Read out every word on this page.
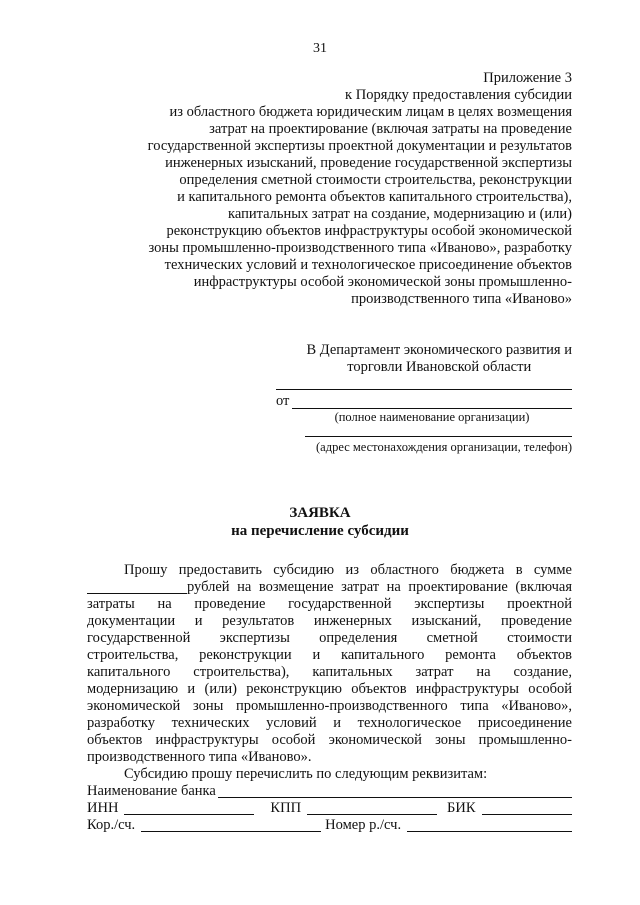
31
Приложение 3
к Порядку предоставления субсидии
из областного бюджета юридическим лицам в целях возмещения
затрат на проектирование (включая затраты на проведение
государственной экспертизы проектной документации и результатов
инженерных изысканий, проведение государственной экспертизы
определения сметной стоимости строительства, реконструкции
и капитального ремонта объектов капитального строительства),
капитальных затрат на создание, модернизацию и (или)
реконструкцию объектов инфраструктуры особой экономической
зоны промышленно-производственного типа «Иваново», разработку
технических условий и технологическое присоединение объектов
инфраструктуры особой экономической зоны промышленно-
производственного типа «Иваново»
В Департамент экономического развития и
торговли Ивановской области
от
(полное наименование организации)
(адрес местонахождения организации, телефон)
ЗАЯВКА
на перечисление субсидии
Прошу предоставить субсидию из областного бюджета в сумме
рублей на возмещение затрат на проектирование (включая
затраты на проведение государственной экспертизы проектной
документации и результатов инженерных изысканий, проведение
государственной экспертизы определения сметной стоимости
строительства, реконструкции и капитального ремонта объектов
капитального строительства), капитальных затрат на создание,
модернизацию и (или) реконструкцию объектов инфраструктуры особой
экономической зоны промышленно-производственного типа «Иваново»,
разработку технических условий и технологическое присоединение
объектов инфраструктуры особой экономической зоны промышленно-
производственного типа «Иваново».
Субсидию прошу перечислить по следующим реквизитам:
Наименование банка
ИНН	КПП	БИК
Кор./сч.	Номер р./сч.
